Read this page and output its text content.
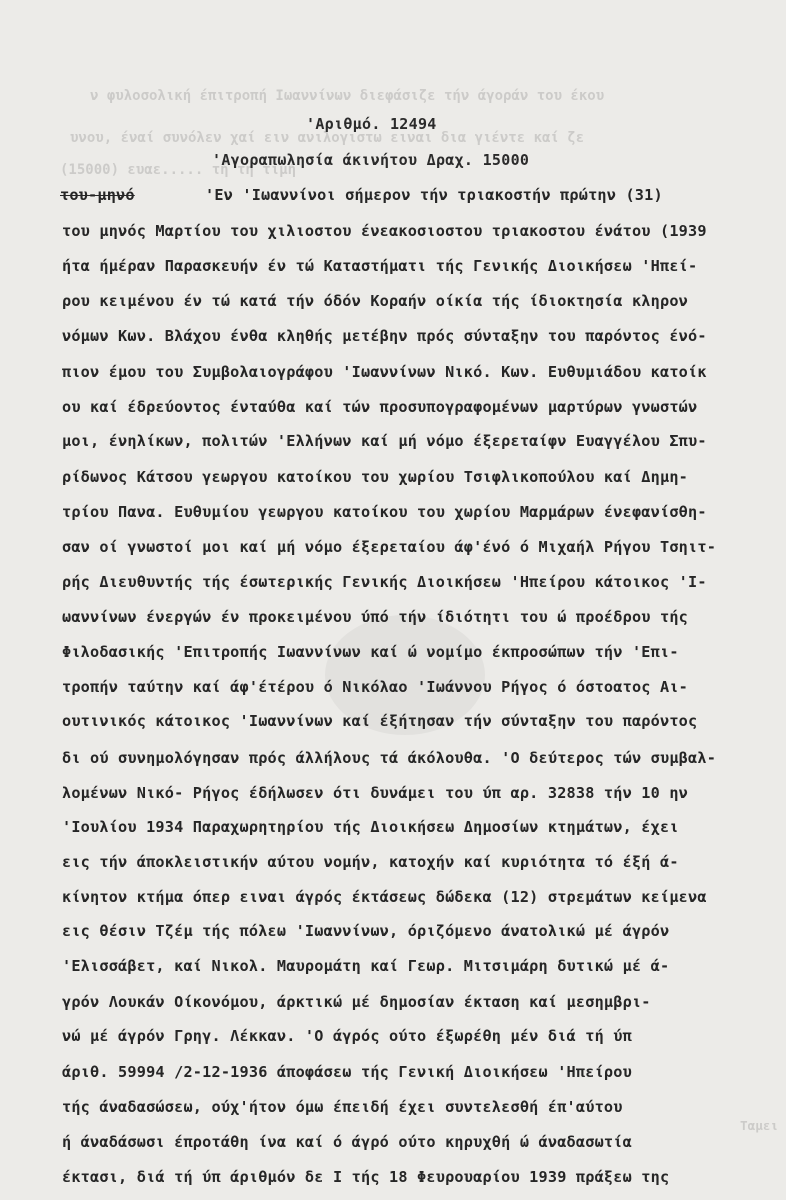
ν φυλοσολική έπιτροπή Ιωαννίνων διεφάσιζε τήν άγοράν του έκου
υνου, έναί συνόλεν χαί ειν ανιλογιστω ειναι δια γιέντε καί ζε
(15000) ευαε..... τή τη τιμή
'Αριθμό. 12494
'Αγοραπωλησία άκινήτου Δραχ. 15000
του-μηνό	'Εν 'Ιωαννίνοι σήμερον τήν τριακοστήν πρώτην (31)
του μηνός Μαρτίου του χιλιοστου ένεακοσιοστου τριακοστου ένάτου (1939
ήτα ήμέραν Παρασκευήν έν τώ Καταστήματι τής Γενικής Διοικήσεω 'Ηπεί-
ρου κειμένου έν τώ κατά τήν όδόν Κοραήν οίκία τής ίδιοκτησία κληρον
νόμων Κων. Βλάχου ένθα κληθής μετέβην πρός σύνταξην του παρόντος ένό-
πιον έμου του Συμβολαιογράφου 'Ιωαννίνων Νικό. Κων. Ευθυμιάδου κατοίκ
ου καί έδρεύοντος ένταύθα καί τών προσυπογραφομένων μαρτύρων γνωστών
μοι, ένηλίκων, πολιτών 'Ελλήνων καί μή νόμο έξερεταίφν Ευαγγέλου Σπυ-
ρίδωνος Κάτσου γεωργου κατοίκου του χωρίου Τσιφλικοπούλου καί Δημη-
τρίου Πανα. Ευθυμίου γεωργου κατοίκου του χωρίου Μαρμάρων ένεφανίσθη-
σαν οί γνωστοί μοι καί μή νόμο έξερεταίου άφ'ένό ό Μιχαήλ Ρήγου Τσηιτ-
ρής Διευθυντής τής έσωτερικής Γενικής Διοικήσεω 'Ηπείρου κάτοικος 'Ι-
ωαννίνων ένεργών έν προκειμένου ύπό τήν ίδιότητι του ώ προέδρου τής
Φιλοδασικής 'Επιτροπής Ιωαννίνων καί ώ νομίμο έκπροσώπων τήν 'Επι-
τροπήν ταύτην καί άφ'έτέρου ό Νικόλαο 'Ιωάννου Ρήγος ό όστοατος Αι-
ουτινικός κάτοικος 'Ιωαννίνων καί έξήτησαν τήν σύνταξην του παρόντος
δι ού συνημολόγησαν πρός άλλήλους τά άκόλουθα. 'Ο δεύτερος τών συμβαλ-
λομένων Νικό- Ρήγος έδήλωσεν ότι δυνάμει του ύπ αρ. 32838 τήν 10 ην
'Ιουλίου 1934 Παραχωρητηρίου τής Διοικήσεω Δημοσίων κτημάτων, έχει
εις τήν άποκλειστικήν αύτου νομήν, κατοχήν καί κυριότητα τό έξή ά-
κίνητον κτήμα όπερ ειναι άγρός έκτάσεως δώδεκα (12) στρεμάτων κείμενα
εις θέσιν Τζέμ τής πόλεω 'Ιωαννίνων, όριζόμενο άνατολικώ μέ άγρόν
'Ελισσάβετ, καί Νικολ. Μαυρομάτη καί Γεωρ. Μιτσιμάρη δυτικώ μέ ά-
γρόν Λουκάν Οίκονόμου, άρκτικώ μέ δημοσίαν έκταση καί μεσημβρι-
νώ μέ άγρόν Γρηγ. Λέκκαν. 'Ο άγρός ούτο έξωρέθη μέν διά τή ύπ
άριθ. 59994 /2-12-1936 άποφάσεω τής Γενική Διοικήσεω 'Ηπείρου
τής άναδασώσεω, ούχ'ήτον όμω έπειδή έχει συντελεσθή έπ'αύτου
ή άναδάσωσι έπροτάθη ίνα καί ό άγρό ούτο κηρυχθή ώ άναδασωτία
έκτασι, διά τή ύπ άριθμόν δε Ι τής 18 Φευρουαρίου 1939 πράξεω της
Ταμει
